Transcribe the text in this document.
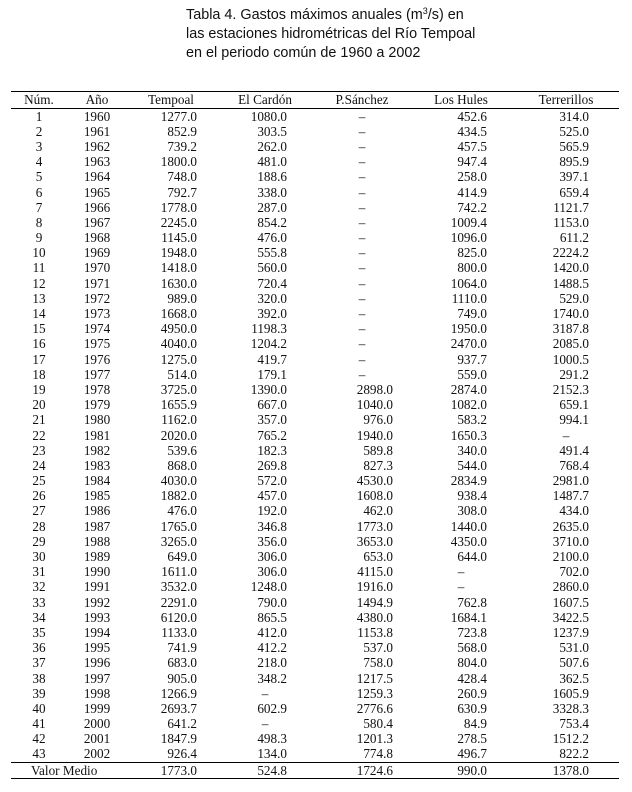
Tabla 4. Gastos máximos anuales $(m^3/s)$ en las estaciones hidrométricas del Río Tempoal en el periodo común de 1960 a 2002
Núm.	Año	Tempoal	El Cardón	P.Sánchez	Los Hules	Terrerillos
1	1960	1277.0	1080.0	–	452.6	314.0
2	1961	852.9	303.5	–	434.5	525.0
3	1962	739.2	262.0	–	457.5	565.9
4	1963	1800.0	481.0	–	947.4	895.9
5	1964	748.0	188.6	–	258.0	397.1
6	1965	792.7	338.0	–	414.9	659.4
7	1966	1778.0	287.0	–	742.2	1121.7
8	1967	2245.0	854.2	–	1009.4	1153.0
9	1968	1145.0	476.0	–	1096.0	611.2
10	1969	1948.0	555.8	–	825.0	2224.2
11	1970	1418.0	560.0	–	800.0	1420.0
12	1971	1630.0	720.4	–	1064.0	1488.5
13	1972	989.0	320.0	–	1110.0	529.0
14	1973	1668.0	392.0	–	749.0	1740.0
15	1974	4950.0	1198.3	–	1950.0	3187.8
16	1975	4040.0	1204.2	–	2470.0	2085.0
17	1976	1275.0	419.7	–	937.7	1000.5
18	1977	514.0	179.1	–	559.0	291.2
19	1978	3725.0	1390.0	2898.0	2874.0	2152.3
20	1979	1655.9	667.0	1040.0	1082.0	659.1
21	1980	1162.0	357.0	976.0	583.2	994.1
22	1981	2020.0	765.2	1940.0	1650.3	–
23	1982	539.6	182.3	589.8	340.0	491.4
24	1983	868.0	269.8	827.3	544.0	768.4
25	1984	4030.0	572.0	4530.0	2834.9	2981.0
26	1985	1882.0	457.0	1608.0	938.4	1487.7
27	1986	476.0	192.0	462.0	308.0	434.0
28	1987	1765.0	346.8	1773.0	1440.0	2635.0
29	1988	3265.0	356.0	3653.0	4350.0	3710.0
30	1989	649.0	306.0	653.0	644.0	2100.0
31	1990	1611.0	306.0	4115.0	–	702.0
32	1991	3532.0	1248.0	1916.0	–	2860.0
33	1992	2291.0	790.0	1494.9	762.8	1607.5
34	1993	6120.0	865.5	4380.0	1684.1	3422.5
35	1994	1133.0	412.0	1153.8	723.8	1237.9
36	1995	741.9	412.2	537.0	568.0	531.0
37	1996	683.0	218.0	758.0	804.0	507.6
38	1997	905.0	348.2	1217.5	428.4	362.5
39	1998	1266.9	–	1259.3	260.9	1605.9
40	1999	2693.7	602.9	2776.6	630.9	3328.3
41	2000	641.2	–	580.4	84.9	753.4
42	2001	1847.9	498.3	1201.3	278.5	1512.2
43	2002	926.4	134.0	774.8	496.7	822.2
Valor Medio		1773.0	524.8	1724.6	990.0	1378.0
